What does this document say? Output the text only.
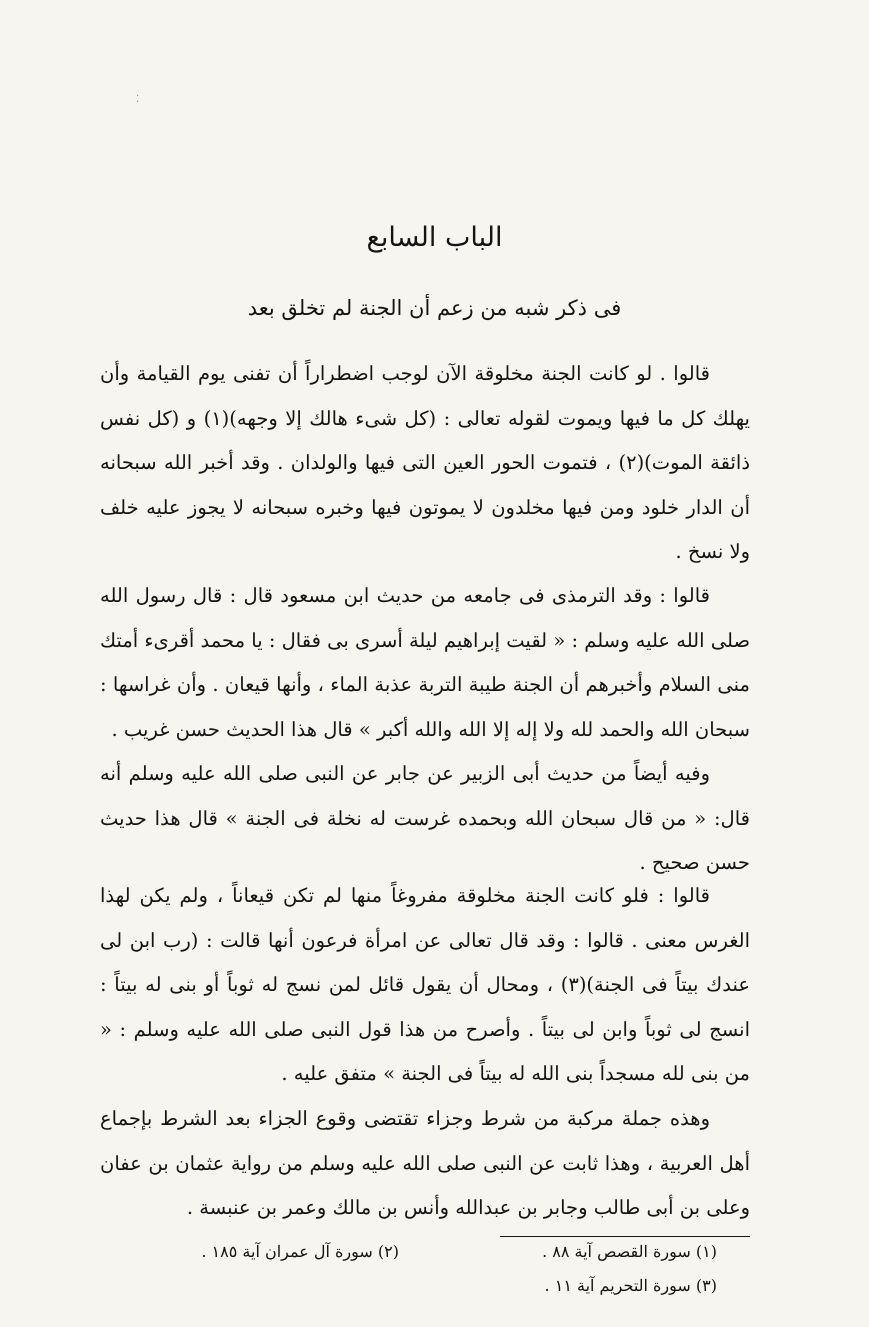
⁚
الباب السابع
فى ذكر شبه من زعم أن الجنة لم تخلق بعد

قالوا . لو كانت الجنة مخلوقة الآن لوجب اضطراراً أن تفنى يوم القيامة وأن يهلك كل ما فيها ويموت لقوله تعالى : (كل شىء هالك إلا وجهه)(١) و (كل نفس ذائقة الموت)(٢) ، فتموت الحور العين التى فيها والولدان . وقد أخبر الله سبحانه أن الدار خلود ومن فيها مخلدون لا يموتون فيها وخبره سبحانه لا يجوز عليه خلف ولا نسخ .

قالوا : وقد الترمذى فى جامعه من حديث ابن مسعود قال : قال رسول الله صلى الله عليه وسلم : « لقيت إبراهيم ليلة أسرى بى فقال : يا محمد أقرىء أمتك منى السلام وأخبرهم أن الجنة طيبة التربة عذبة الماء ، وأنها قيعان . وأن غراسها : سبحان الله والحمد لله ولا إله إلا الله والله أكبر » قال هذا الحديث حسن غريب .

وفيه أيضاً من حديث أبى الزبير عن جابر عن النبى صلى الله عليه وسلم أنه قال: « من قال سبحان الله وبحمده غرست له نخلة فى الجنة » قال هذا حديث حسن صحيح .

قالوا : فلو كانت الجنة مخلوقة مفروغاً منها لم تكن قيعاناً ، ولم يكن لهذا الغرس معنى . قالوا : وقد قال تعالى عن امرأة فرعون أنها قالت : (رب ابن لى عندك بيتاً فى الجنة)(٣) ، ومحال أن يقول قائل لمن نسج له ثوباً أو بنى له بيتاً : انسج لى ثوباً وابن لى بيتاً . وأصرح من هذا قول النبى صلى الله عليه وسلم : « من بنى لله مسجداً بنى الله له بيتاً فى الجنة » متفق عليه .

وهذه جملة مركبة من شرط وجزاء تقتضى وقوع الجزاء بعد الشرط بإجماع أهل العربية ، وهذا ثابت عن النبى صلى الله عليه وسلم من رواية عثمان بن عفان وعلى بن أبى طالب وجابر بن عبدالله وأنس بن مالك وعمر بن عنبسة .

(١) سورة القصص آية ٨٨ .
(٢) سورة آل عمران آية ١٨٥ .
(٣) سورة التحريم آية ١١ .
